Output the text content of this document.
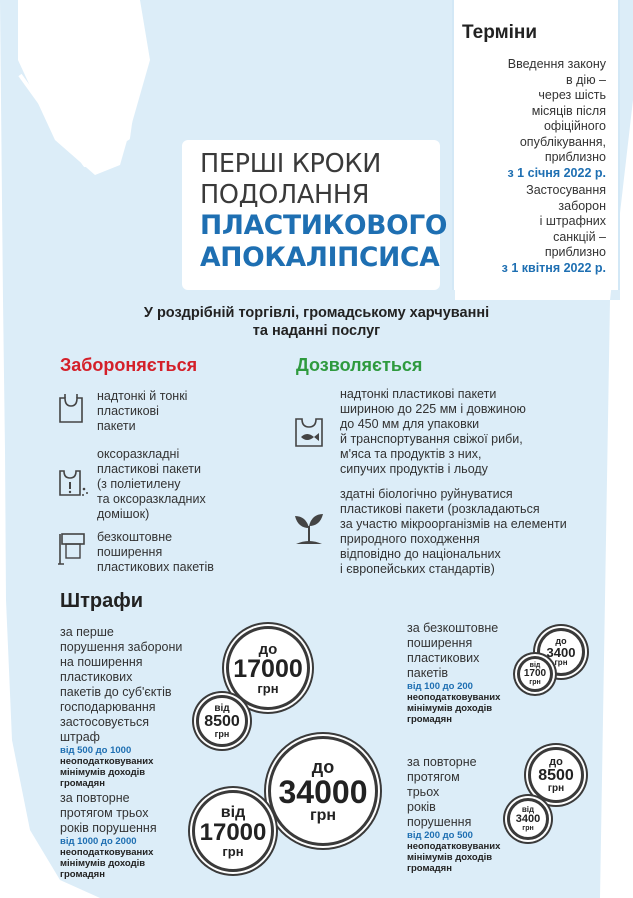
ПЕРШІ КРОКИ
ПОДОЛАННЯ
ПЛАСТИКОВОГО
АПОКАЛІПСИСА
Терміни
Введення закону
в дію –
через шість
місяців після
офіційного
опублікування,
приблизно
з 1 січня 2022 р.
Застосування
заборон
і штрафних
санкцій –
приблизно
з 1 квітня 2022 р.
У роздрібній торгівлі, громадському харчуванні
та наданні послуг
Забороняється
надтонкі й тонкі
пластикові
пакети
оксоразкладні
пластикові пакети
(з поліетилену
та оксоразкладних
домішок)
безкоштовне
поширення
пластикових пакетів
Дозволяється
надтонкі пластикові пакети
шириною до 225 мм і довжиною
до 450 мм для упаковки
й транспортування свіжої риби,
м'яса та продуктів з них,
сипучих продуктів і льоду
здатні біологічно руйнуватися
пластикові пакети (розкладаються
за участю мікроорганізмів на елементи
природного походження
відповідно до національних
і європейських стандартів)
Штрафи
за перше
порушення заборони
на поширення
пластикових
пакетів до суб'єктів
господарювання
застосовується
штраф
від 500 до 1000
неоподатковуваних
мінімумів доходів
громадян
за повторне
протягом трьох
років порушення
від 1000 до 2000
неоподатковуваних
мінімумів доходів
громадян
за безкоштовне
поширення
пластикових
пакетів
від 100 до 200
неоподатковуваних
мінімумів доходів
громадян
за повторне
протягом
трьох
років
порушення
від 200 до 500
неоподатковуваних
мінімумів доходів
громадян
до
17000
грн
від
8500
грн
до
34000
грн
від
17000
грн
до
3400
грн
від
1700
грн
до
8500
грн
від
3400
грн
